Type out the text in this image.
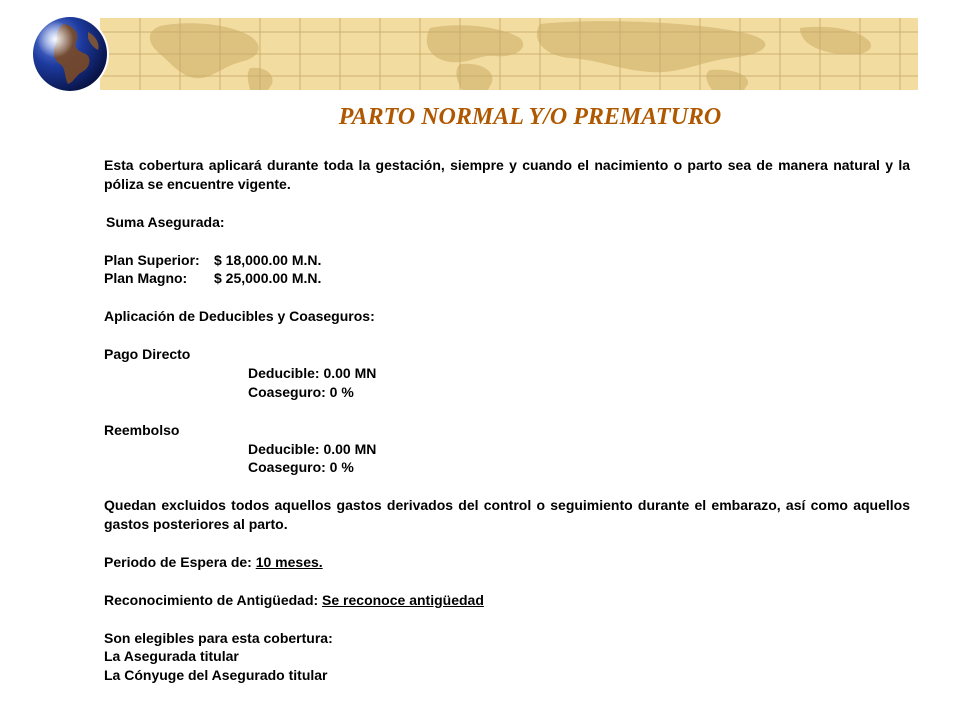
PARTO NORMAL Y/O PREMATURO

Esta cobertura aplicará durante toda la gestación, siempre y cuando el nacimiento o parto sea de manera natural y la póliza se encuentre vigente.

Suma Asegurada:

Plan Superior: $ 18,000.00 M.N.

Plan Magno: $ 25,000.00 M.N.

Aplicación de Deducibles y Coaseguros:

Pago Directo

Deducible: 0.00 MN

Coaseguro: 0 %

Reembolso

Deducible: 0.00 MN

Coaseguro: 0 %

Quedan excluidos todos aquellos gastos derivados del control o seguimiento durante el embarazo, así como aquellos gastos posteriores al parto.

Periodo de Espera de: 10 meses.

Reconocimiento de Antigüedad: Se reconoce antigüedad

Son elegibles para esta cobertura:

La Asegurada titular

La Cónyuge del Asegurado titular
